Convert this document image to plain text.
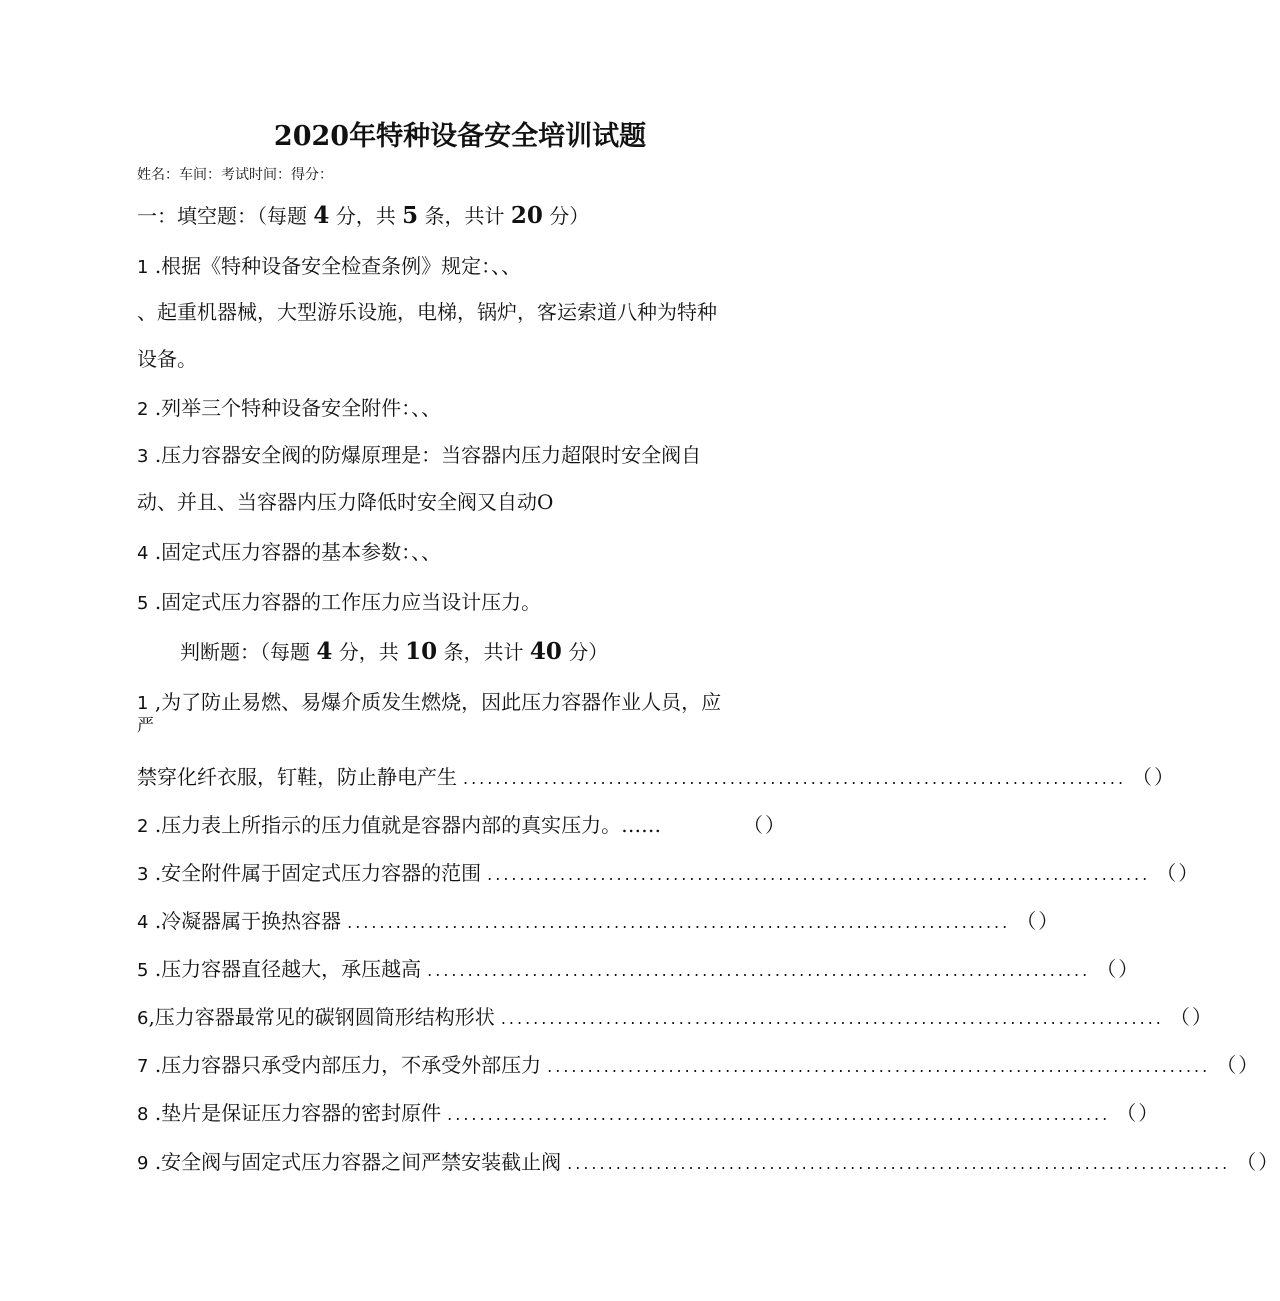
2020年特种设备安全培训试题
姓名：车间：考试时间：得分：
一：填空题：（每题 4 分，共 5 条，共计 20 分）
1 .根据《特种设备安全检查条例》规定：、、
、起重机器械，大型游乐设施，电梯，锅炉，客运索道八种为特种
设备。
2 .列举三个特种设备安全附件：、、
3 .压力容器安全阀的防爆原理是：当容器内压力超限时安全阀自
动、并且、当容器内压力降低时安全阀又自动O
4 .固定式压力容器的基本参数：、、
5 .固定式压力容器的工作压力应当设计压力。
判断题：（每题 4 分，共 10 条，共计 40 分）
1 ,为了防止易燃、易爆介质发生燃烧，因此压力容器作业人员，应
严
禁穿化纤衣服，钉鞋，防止静电产生 .................................................................................. （）
2 .压力表上所指示的压力值就是容器内部的真实压力。……	（）
3 .安全附件属于固定式压力容器的范围 .................................................................................. （）
4 .冷凝器属于换热容器 .................................................................................. （）
5 .压力容器直径越大，承压越高 .................................................................................. （）
6,压力容器最常见的碳钢圆筒形结构形状 .................................................................................. （）
7 .压力容器只承受内部压力，不承受外部压力 .................................................................................. （）
8 .垫片是保证压力容器的密封原件 .................................................................................. （）
9 .安全阀与固定式压力容器之间严禁安装截止阀 .................................................................................. （）
